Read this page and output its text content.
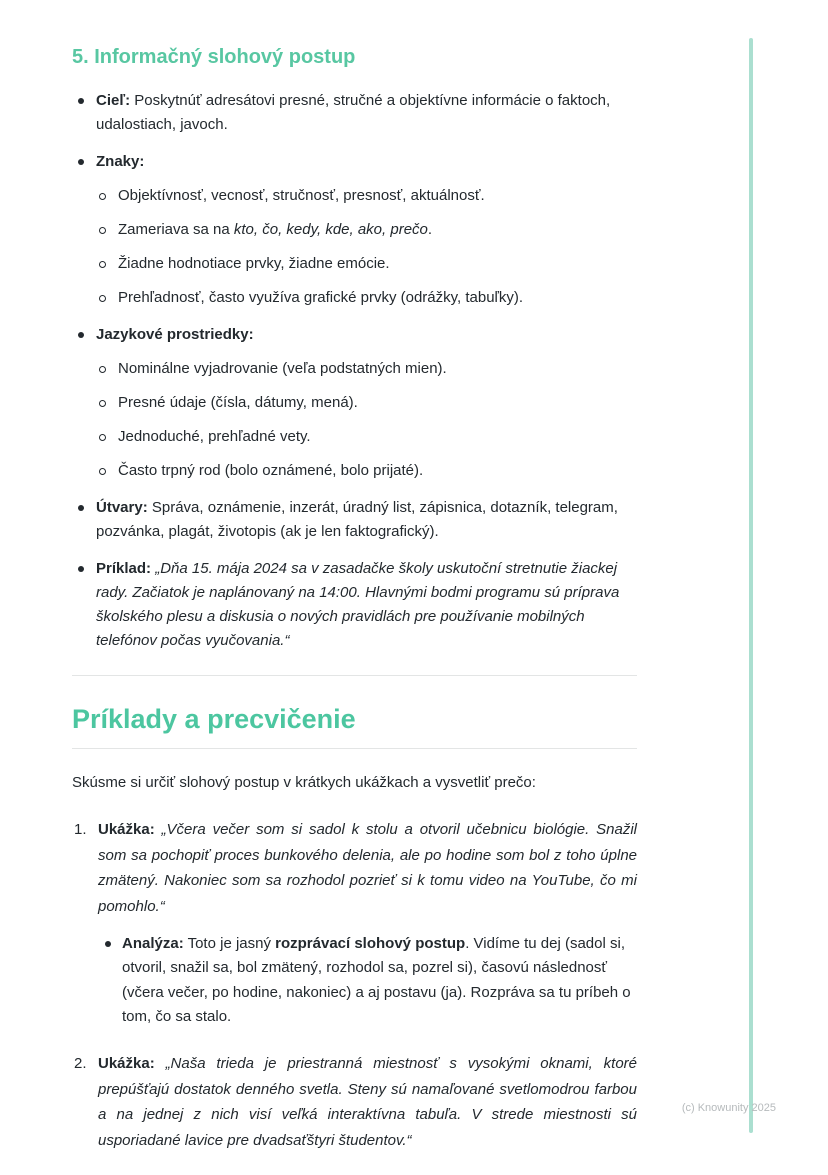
5. Informačný slohový postup
Cieľ: Poskytnúť adresátovi presné, stručné a objektívne informácie o faktoch, udalostiach, javoch.
Znaky:
Objektívnosť, vecnosť, stručnosť, presnosť, aktuálnosť.
Zameriava sa na kto, čo, kedy, kde, ako, prečo.
Žiadne hodnotiace prvky, žiadne emócie.
Prehľadnosť, často využíva grafické prvky (odrážky, tabuľky).
Jazykové prostriedky:
Nominálne vyjadrovanie (veľa podstatných mien).
Presné údaje (čísla, dátumy, mená).
Jednoduché, prehľadné vety.
Často trpný rod (bolo oznámené, bolo prijaté).
Útvary: Správa, oznámenie, inzerát, úradný list, zápisnica, dotazník, telegram, pozvánka, plagát, životopis (ak je len faktografický).
Príklad: „Dňa 15. mája 2024 sa v zasadačke školy uskutoční stretnutie žiackej rady. Začiatok je naplánovaný na 14:00. Hlavnými bodmi programu sú príprava školského plesu a diskusia o nových pravidlách pre používanie mobilných telefónov počas vyučovania.“
Príklady a precvičenie

Skúsme si určiť slohový postup v krátkych ukážkach a vysvetliť prečo:

1. Ukážka: „Včera večer som si sadol k stolu a otvoril učebnicu biológie. Snažil som sa pochopiť proces bunkového delenia, ale po hodine som bol z toho úplne zmätený. Nakoniec som sa rozhodol pozrieť si k tomu video na YouTube, čo mi pomohlo.“

Analýza: Toto je jasný rozprávací slohový postup. Vidíme tu dej (sadol si, otvoril, snažil sa, bol zmätený, rozhodol sa, pozrel si), časovú následnosť (včera večer, po hodine, nakoniec) a aj postavu (ja). Rozpráva sa tu príbeh o tom, čo sa stalo.
2. Ukážka: „Naša trieda je priestranná miestnosť s vysokými oknami, ktoré prepúšťajú dostatok denného svetla. Steny sú namaľované svetlomodrou farbou a na jednej z nich visí veľká interaktívna tabuľa. V strede miestnosti sú usporiadané lavice pre dvadsaťštyri študentov.“

(c) Knowunity 2025
